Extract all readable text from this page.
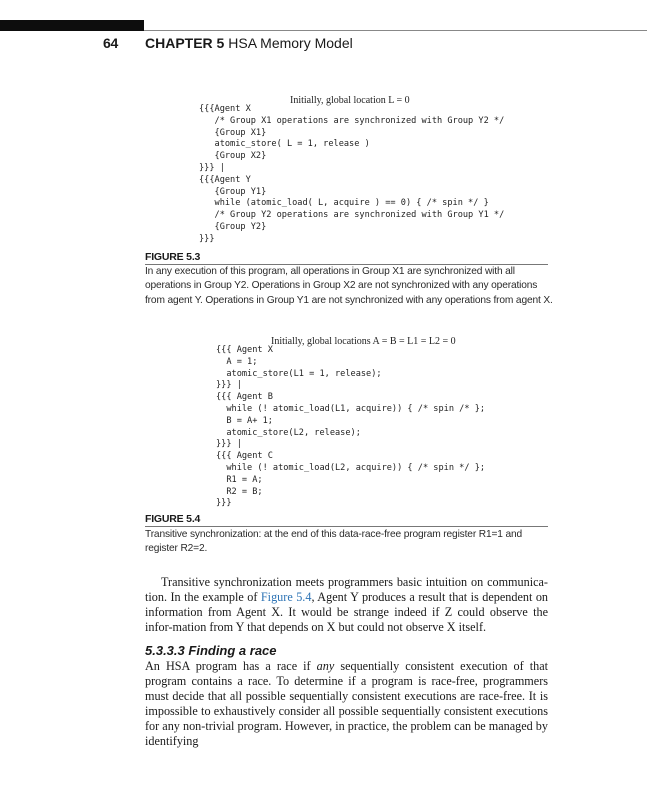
64 CHAPTER 5 HSA Memory Model
Initially, global location L = 0
{{{Agent X
/* Group X1 operations are synchronized with Group Y2 */
{Group X1}
atomic_store( L = 1, release )
{Group X2}
}}} |
{{{Agent Y
{Group Y1}
while (atomic_load( L, acquire ) == 0) { /* spin */ }
/* Group Y2 operations are synchronized with Group Y1 */
{Group Y2}
}}}
FIGURE 5.3
In any execution of this program, all operations in Group X1 are synchronized with all operations in Group Y2. Operations in Group X2 are not synchronized with any operations from agent Y. Operations in Group Y1 are not synchronized with any operations from agent X.
Initially, global locations A = B = L1 = L2 = 0
{{{ Agent X
A = 1;
atomic_store(L1 = 1, release);
}}} |
{{{ Agent B
while (! atomic_load(L1, acquire)) { /* spin /* };
B = A+ 1;
atomic_store(L2, release);
}}} |
{{{ Agent C
while (! atomic_load(L2, acquire)) { /* spin */ };
R1 = A;
R2 = B;
}}}
FIGURE 5.4
Transitive synchronization: at the end of this data-race-free program register R1=1 and register R2=2.

Transitive synchronization meets programmers basic intuition on communica-tion. In the example of Figure 5.4, Agent Y produces a result that is dependent on information from Agent X. It would be strange indeed if Z could observe the infor-mation from Y that depends on X but could not observe X itself.

5.3.3.3 Finding a race

An HSA program has a race if any sequentially consistent execution of that program contains a race. To determine if a program is race-free, programmers must decide that all possible sequentially consistent executions are race-free. It is impossible to exhaustively consider all possible sequentially consistent executions for any non-trivial program. However, in practice, the problem can be managed by identifying
